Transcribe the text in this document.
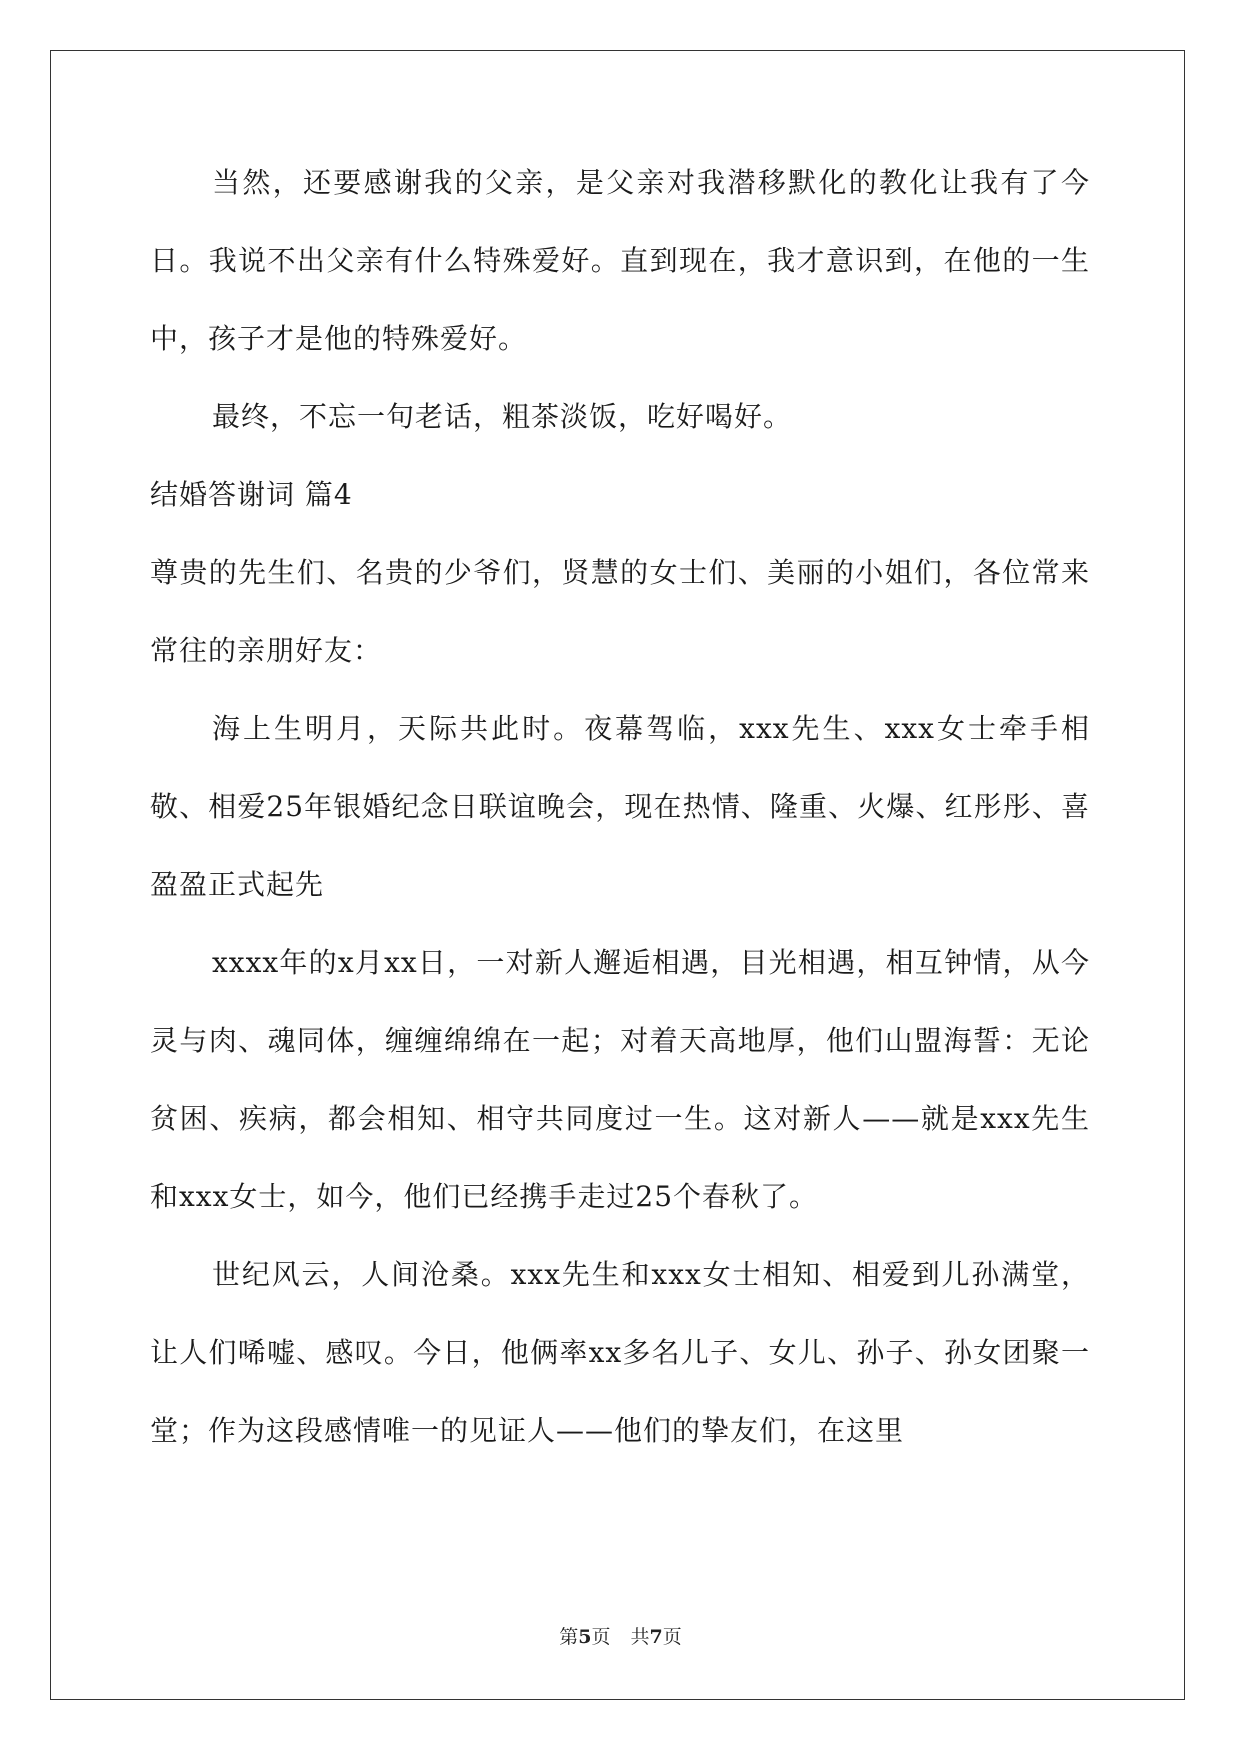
当然，还要感谢我的父亲，是父亲对我潜移默化的教化让我有了今日。我说不出父亲有什么特殊爱好。直到现在，我才意识到，在他的一生中，孩子才是他的特殊爱好。

最终，不忘一句老话，粗茶淡饭，吃好喝好。

结婚答谢词 篇4

尊贵的先生们、名贵的少爷们，贤慧的女士们、美丽的小姐们，各位常来常往的亲朋好友：

海上生明月，天际共此时。夜幕驾临，xxx先生、xxx女士牵手相敬、相爱25年银婚纪念日联谊晚会，现在热情、隆重、火爆、红彤彤、喜盈盈正式起先

xxxx年的x月xx日，一对新人邂逅相遇，目光相遇，相互钟情，从今灵与肉、魂同体，缠缠绵绵在一起；对着天高地厚，他们山盟海誓：无论贫困、疾病，都会相知、相守共同度过一生。这对新人——就是xxx先生和xxx女士，如今，他们已经携手走过25个春秋了。

世纪风云，人间沧桑。xxx先生和xxx女士相知、相爱到儿孙满堂，让人们唏嘘、感叹。今日，他俩率xx多名儿子、女儿、孙子、孙女团聚一堂；作为这段感情唯一的见证人——他们的挚友们，在这里

第5页 共7页
